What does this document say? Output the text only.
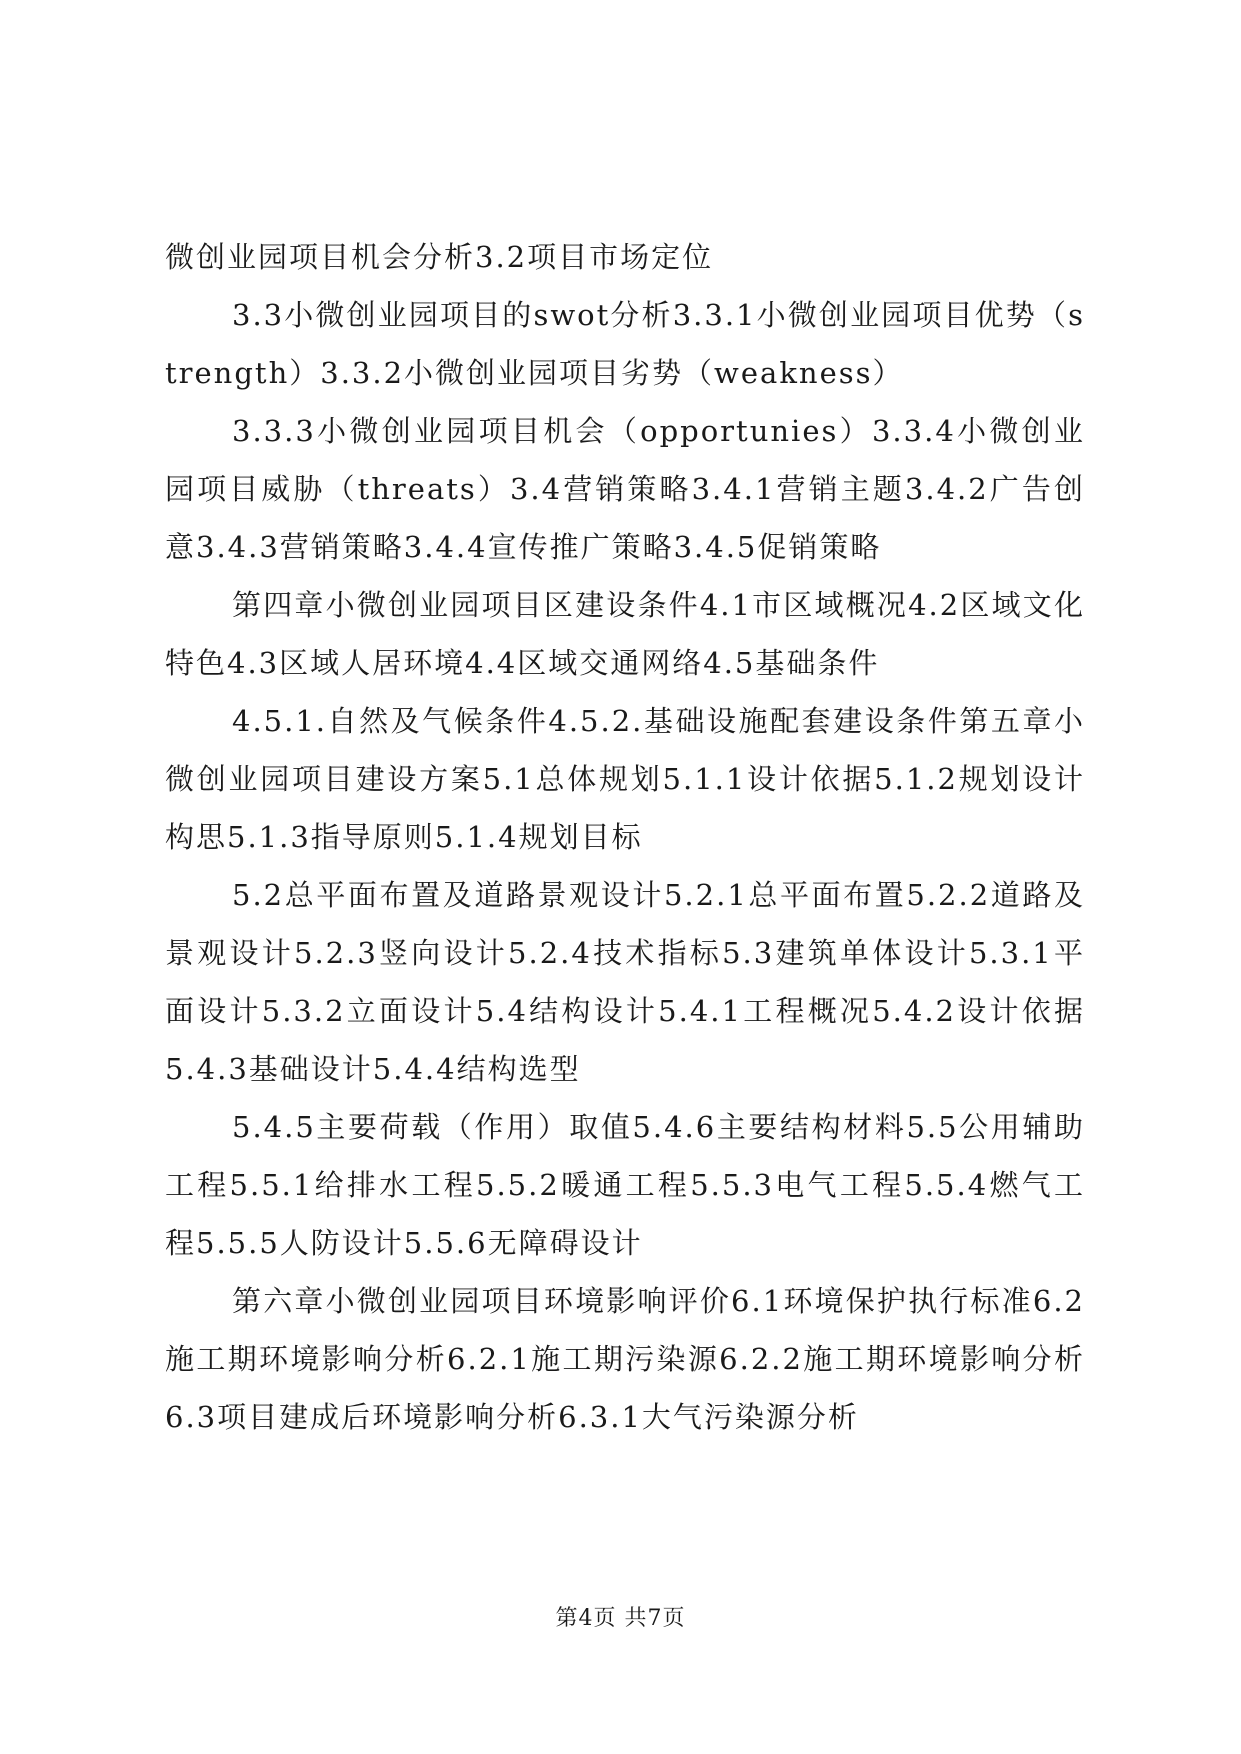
微创业园项目机会分析3.2项目市场定位

3.3小微创业园项目的swot分析3.3.1小微创业园项目优势（strength）3.3.2小微创业园项目劣势（weakness）

3.3.3小微创业园项目机会（opportunies）3.3.4小微创业园项目威胁（threats）3.4营销策略3.4.1营销主题3.4.2广告创意3.4.3营销策略3.4.4宣传推广策略3.4.5促销策略

第四章小微创业园项目区建设条件4.1市区域概况4.2区域文化特色4.3区域人居环境4.4区域交通网络4.5基础条件

4.5.1.自然及气候条件4.5.2.基础设施配套建设条件第五章小微创业园项目建设方案5.1总体规划5.1.1设计依据5.1.2规划设计构思5.1.3指导原则5.1.4规划目标

5.2总平面布置及道路景观设计5.2.1总平面布置5.2.2道路及景观设计5.2.3竖向设计5.2.4技术指标5.3建筑单体设计5.3.1平面设计5.3.2立面设计5.4结构设计5.4.1工程概况5.4.2设计依据5.4.3基础设计5.4.4结构选型

5.4.5主要荷载（作用）取值5.4.6主要结构材料5.5公用辅助工程5.5.1给排水工程5.5.2暖通工程5.5.3电气工程5.5.4燃气工程5.5.5人防设计5.5.6无障碍设计

第六章小微创业园项目环境影响评价6.1环境保护执行标准6.2施工期环境影响分析6.2.1施工期污染源6.2.2施工期环境影响分析6.3项目建成后环境影响分析6.3.1大气污染源分析

第4页 共7页
